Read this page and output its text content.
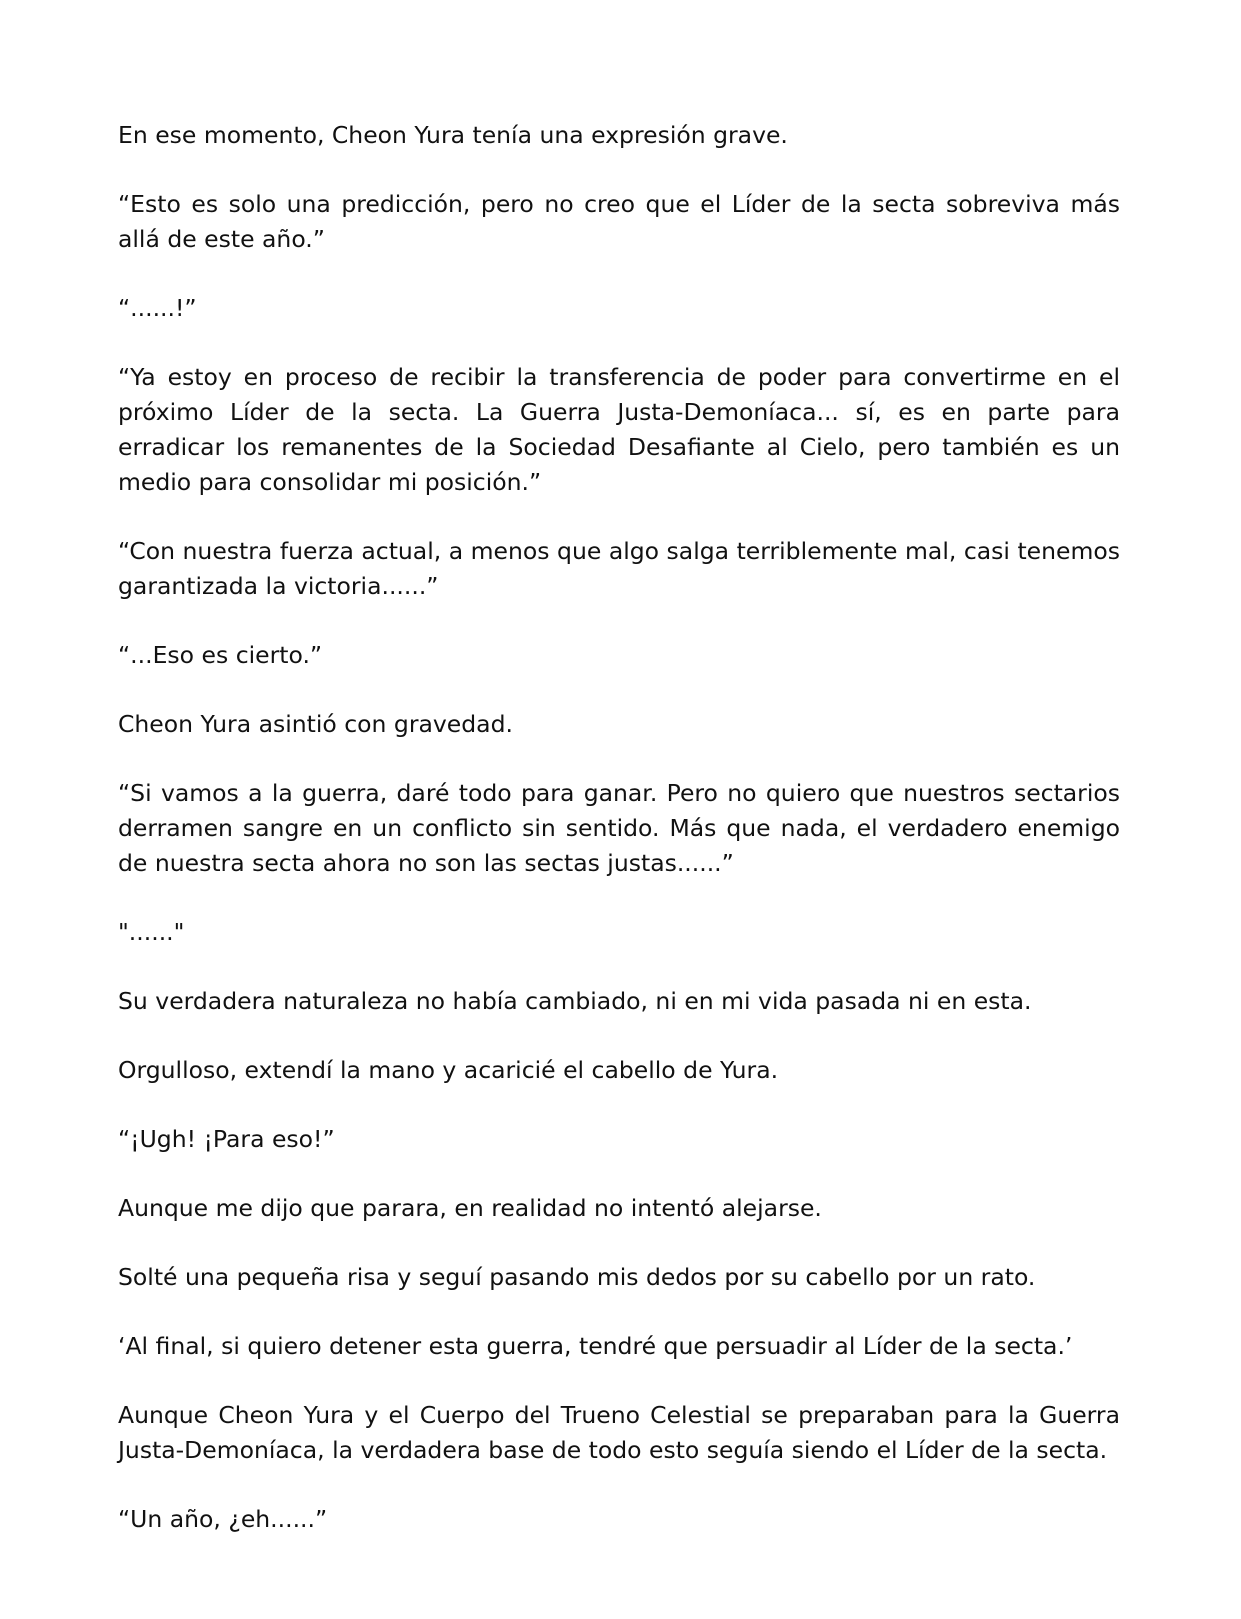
En ese momento, Cheon Yura tenía una expresión grave.

“Esto es solo una predicción, pero no creo que el Líder de la secta sobreviva más allá de este año.”

“......!”

“Ya estoy en proceso de recibir la transferencia de poder para convertirme en el próximo Líder de la secta. La Guerra Justa-Demoníaca... sí, es en parte para erradicar los remanentes de la Sociedad Desafiante al Cielo, pero también es un medio para consolidar mi posición.”

“Con nuestra fuerza actual, a menos que algo salga terriblemente mal, casi tenemos garantizada la victoria......”

“...Eso es cierto.”

Cheon Yura asintió con gravedad.

“Si vamos a la guerra, daré todo para ganar. Pero no quiero que nuestros sectarios derramen sangre en un conflicto sin sentido. Más que nada, el verdadero enemigo de nuestra secta ahora no son las sectas justas......”

"......"

Su verdadera naturaleza no había cambiado, ni en mi vida pasada ni en esta.

Orgulloso, extendí la mano y acaricié el cabello de Yura.

“¡Ugh! ¡Para eso!”

Aunque me dijo que parara, en realidad no intentó alejarse.

Solté una pequeña risa y seguí pasando mis dedos por su cabello por un rato.

‘Al final, si quiero detener esta guerra, tendré que persuadir al Líder de la secta.’

Aunque Cheon Yura y el Cuerpo del Trueno Celestial se preparaban para la Guerra Justa-Demoníaca, la verdadera base de todo esto seguía siendo el Líder de la secta.

“Un año, ¿eh......”
